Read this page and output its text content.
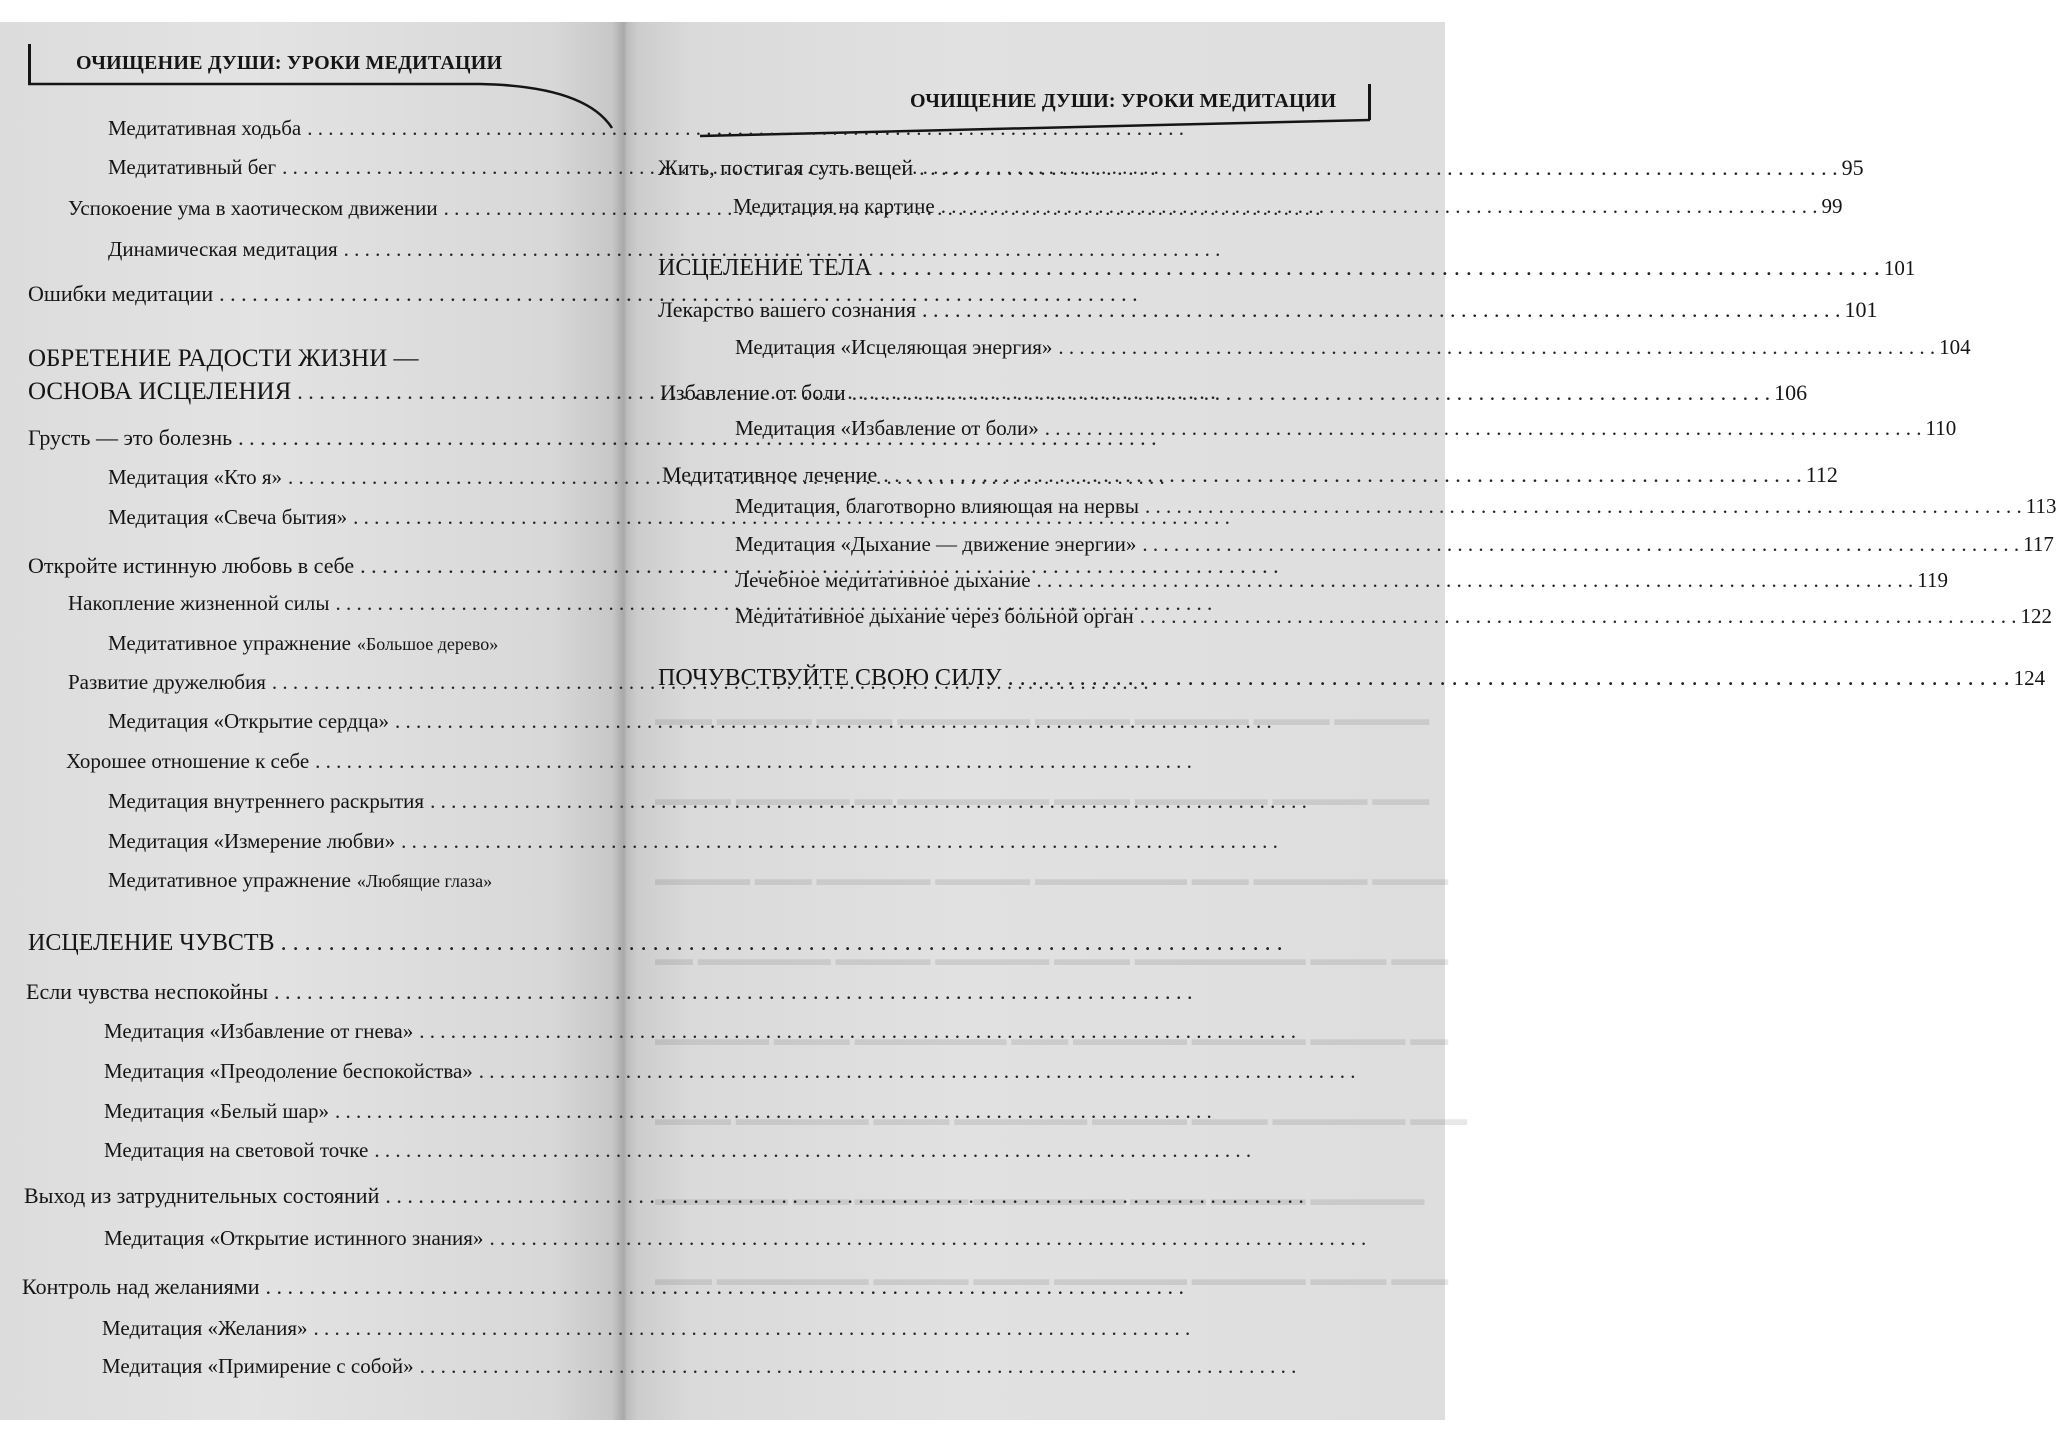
▬▬▬ ▬▬▬▬▬ ▬▬▬▬ ▬▬▬▬▬▬▬ ▬▬▬▬▬ ▬▬▬▬▬▬ ▬▬▬▬ ▬▬▬▬▬
▬▬▬▬ ▬▬▬▬▬▬ ▬▬ ▬▬▬▬▬▬▬▬ ▬▬▬▬ ▬▬▬▬▬▬▬ ▬▬▬▬▬ ▬▬▬
▬▬▬▬▬ ▬▬▬ ▬▬▬▬▬▬ ▬▬▬▬▬ ▬▬▬▬▬▬▬▬ ▬▬▬ ▬▬▬▬▬▬ ▬▬▬▬
▬▬ ▬▬▬▬▬▬▬ ▬▬▬▬▬ ▬▬▬▬▬▬ ▬▬▬▬ ▬▬▬▬▬▬▬▬▬ ▬▬▬▬ ▬▬▬
▬▬▬▬▬▬ ▬▬▬▬ ▬▬▬▬▬▬▬▬ ▬▬▬ ▬▬▬▬▬▬ ▬▬▬▬▬▬ ▬▬▬▬▬ ▬▬
▬▬▬▬ ▬▬▬▬▬▬▬ ▬▬▬▬ ▬▬▬▬▬▬▬ ▬▬▬▬▬ ▬▬▬▬ ▬▬▬▬▬▬▬ ▬▬▬
▬▬▬▬▬▬▬ ▬▬▬ ▬▬▬▬▬▬ ▬▬▬▬▬▬▬▬ ▬▬▬▬ ▬▬▬▬▬ ▬▬▬▬▬▬
▬▬▬ ▬▬▬▬▬▬▬▬ ▬▬▬▬▬ ▬▬▬▬ ▬▬▬▬▬▬▬ ▬▬▬▬▬▬ ▬▬▬▬ ▬▬▬
ОЧИЩЕНИЕ ДУШИ: УРОКИ МЕДИТАЦИИ
ОЧИЩЕНИЕ ДУШИ: УРОКИ МЕДИТАЦИИ
Медитативная ходьба
. . .
Медитативный бег
. . .
Успокоение ума в хаотическом движении
. . .
Динамическая медитация
. . .
Ошибки медитации
. . .
ОБРЕТЕНИЕ РАДОСТИ ЖИЗНИ —
ОСНОВА ИСЦЕЛЕНИЯ
. . .
Грусть — это болезнь
. . .
Медитация «Кто я»
. . .
Медитация «Свеча бытия»
. . .
Откройте истинную любовь в себе
. . .
Накопление жизненной силы
. . .
Медитативное упражнение «Большое дерево»
Развитие дружелюбия
. . .
Медитация «Открытие сердца»
. . .
Хорошее отношение к себе
. . .
Медитация внутреннего раскрытия
. . .
Медитация «Измерение любви»
. . .
Медитативное упражнение «Любящие глаза»
ИСЦЕЛЕНИЕ ЧУВСТВ
. . .
Если чувства неспокойны
. . .
Медитация «Избавление от гнева»
. . .
Медитация «Преодоление беспокойства»
. . .
Медитация «Белый шар»
. . .
Медитация на световой точке
. . .
Выход из затруднительных состояний
. . .
Медитация «Открытие истинного знания»
. . .
Контроль над желаниями
. . .
Медитация «Желания»
. . .
Медитация «Примирение с собой»
. . .
Жить, постигая суть вещей . . .	95
Медитация на картине . . .	99
ИСЦЕЛЕНИЕ ТЕЛА . . .	101
Лекарство вашего сознания . . .	101
Медитация «Исцеляющая энергия» . . .	104
Избавление от боли . . .	106
Медитация «Избавление от боли» . . .	110
Медитативное лечение . . .	112
Медитация, благотворно влияющая на нервы . . .	113
Медитация «Дыхание — движение энергии» . . .	117
Лечебное медитативное дыхание . . .	119
Медитативное дыхание через больной орган . . .	122
ПОЧУВСТВУЙТЕ СВОЮ СИЛУ . . .	124
